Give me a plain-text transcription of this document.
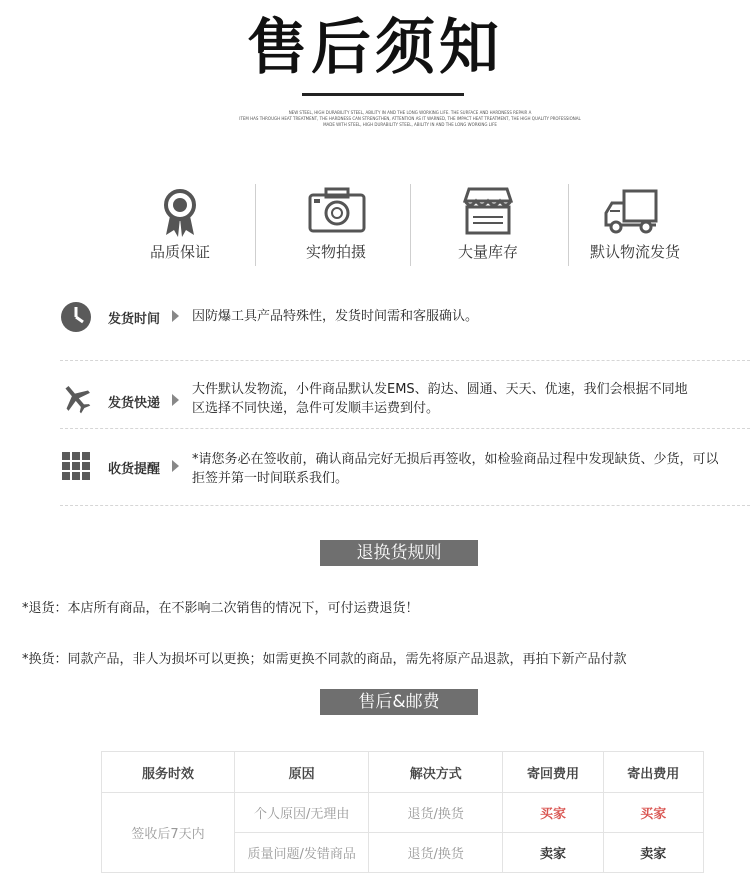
售后须知
NEW STEEL, HIGH DURABILITY STEEL, ABILITY IN AND THE LONG WORKING LIFE. THE SURFACE AND HARDNESS REPAIR A
ITEM HAS THROUGH HEAT TREATMENT, THE HARDNESS CAN STRENGTHEN, ATTENTION AS IT WARNED, THE IMPACT HEAT TREATMENT, THE HIGH QUALITY PROFESSIONAL
MADE WITH STEEL, HIGH DURABILITY STEEL, ABILITY IN AND THE LONG WORKING LIFE
品质保证	实物拍摄	大量库存	默认物流发货
发货时间 因防爆工具产品特殊性，发货时间需和客服确认。
发货快递
大件默认发物流，小件商品默认发EMS、韵达、圆通、天天、优速，我们会根据不同地
区选择不同快递，急件可发顺丰运费到付。
收货提醒
*请您务必在签收前，确认商品完好无损后再签收，如检验商品过程中发现缺货、少货，可以
拒签并第一时间联系我们。
退换货规则
*退货：本店所有商品，在不影响二次销售的情况下，可付运费退货！
*换货：同款产品，非人为损坏可以更换；如需更换不同款的商品，需先将原产品退款，再拍下新产品付款
售后&邮费
服务时效	原因	解决方式	寄回费用	寄出费用
签收后7天内	个人原因/无理由	退货/换货	买家	买家
	质量问题/发错商品	退货/换货	卖家	卖家
